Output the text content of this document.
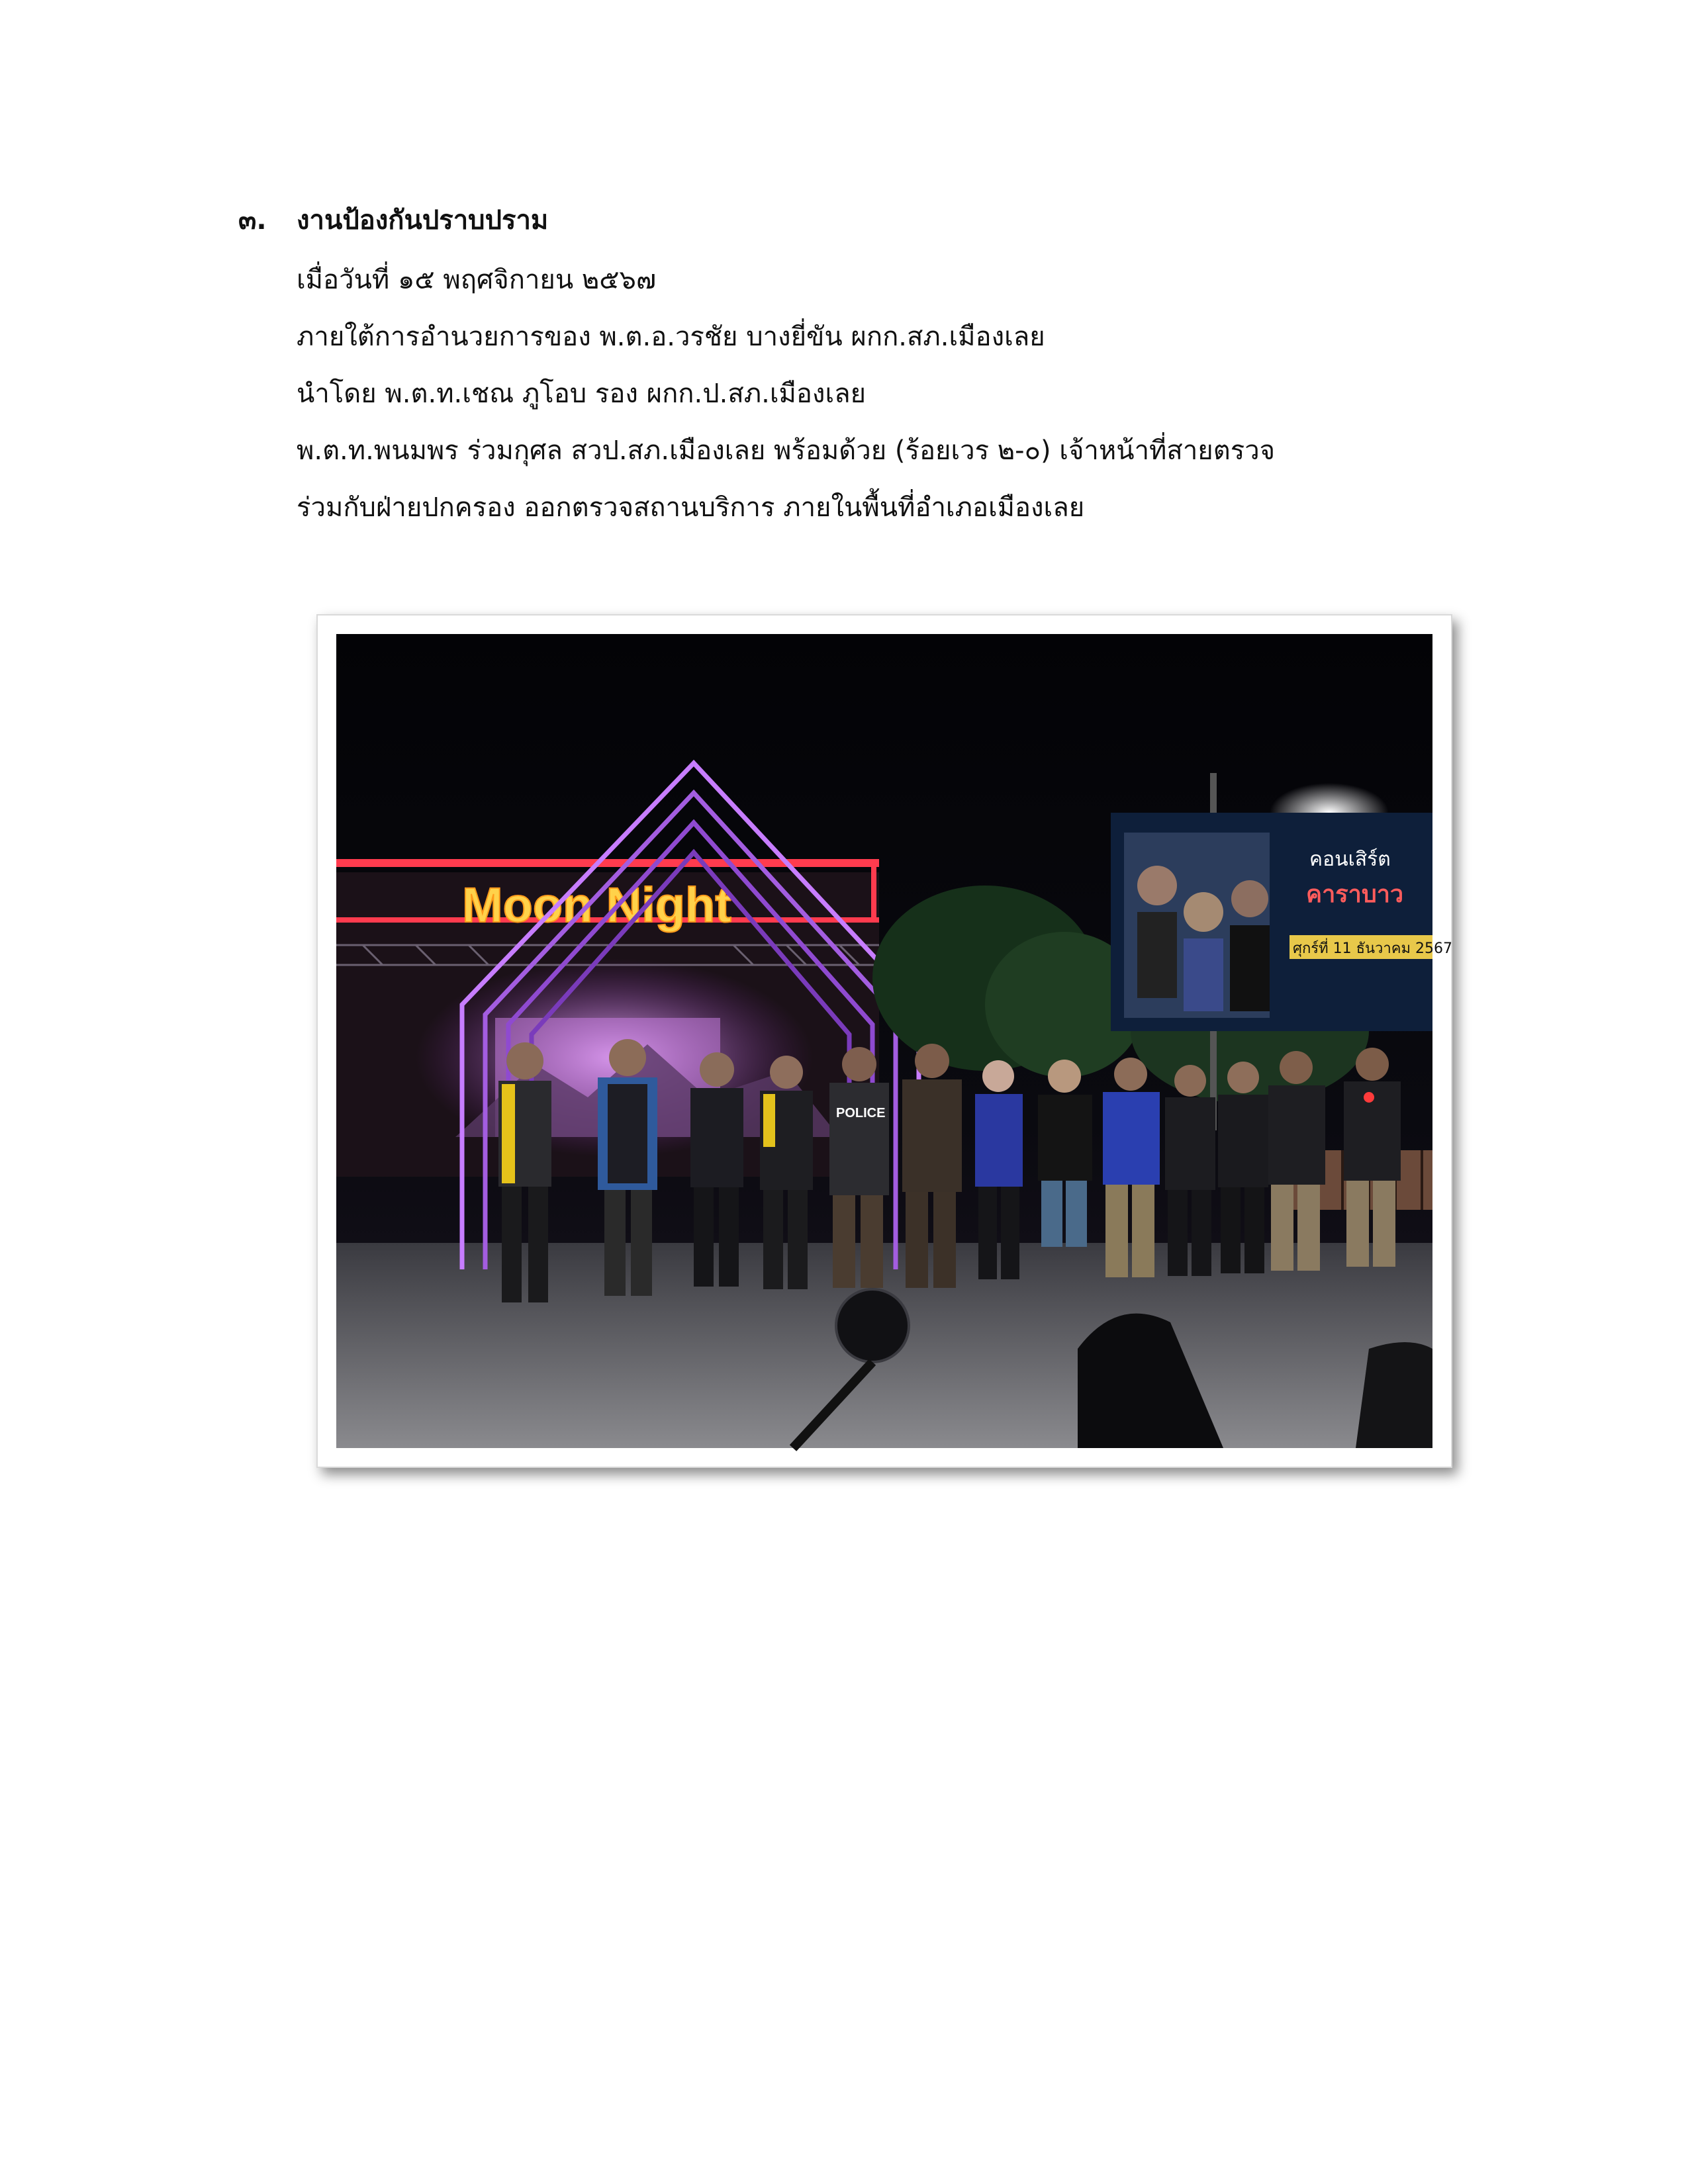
๓.	งานป้องกันปราบปราม
เมื่อวันที่ ๑๕ พฤศจิกายน ๒๕๖๗
ภายใต้การอำนวยการของ พ.ต.อ.วรชัย บางยี่ขัน ผกก.สภ.เมืองเลย
นำโดย พ.ต.ท.เชณ ภูโอบ รอง ผกก.ป.สภ.เมืองเลย
พ.ต.ท.พนมพร ร่วมกุศล สวป.สภ.เมืองเลย พร้อมด้วย (ร้อยเวร ๒-๐) เจ้าหน้าที่สายตรวจ
ร่วมกับฝ่ายปกครอง ออกตรวจสถานบริการ ภายในพื้นที่อำเภอเมืองเลย
Moon Night
คอนเสิร์ต
คาราบาว
ศุกร์ที่ 11 ธันวาคม 2567
POLICE
